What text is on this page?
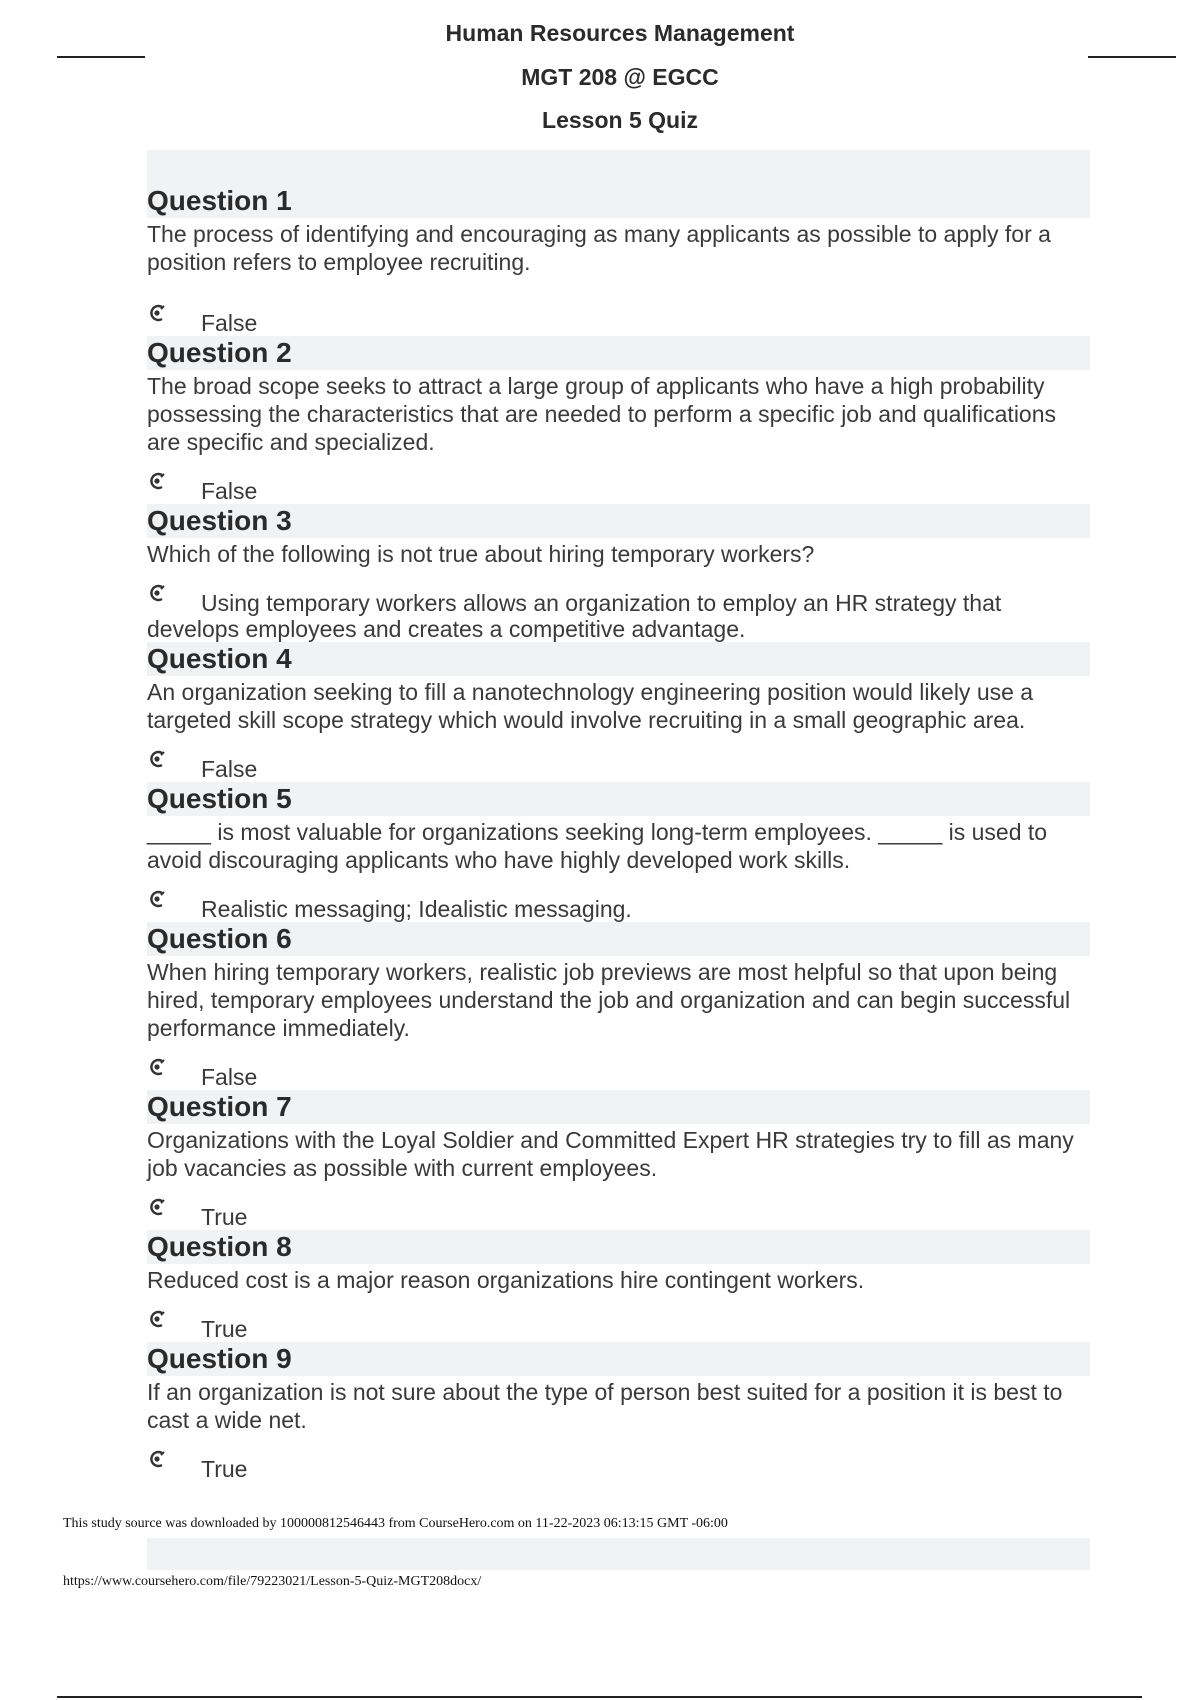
Human Resources Management
MGT 208 @ EGCC
Lesson 5 Quiz
Question 1

The process of identifying and encouraging as many applicants as possible to apply for a position refers to employee recruiting.

False
Question 2

The broad scope seeks to attract a large group of applicants who have a high probability possessing the characteristics that are needed to perform a specific job and qualifications are specific and specialized.

False
Question 3

Which of the following is not true about hiring temporary workers?

Using temporary workers allows an organization to employ an HR strategy that develops employees and creates a competitive advantage.
Question 4

An organization seeking to fill a nanotechnology engineering position would likely use a targeted skill scope strategy which would involve recruiting in a small geographic area.

False
Question 5

_____ is most valuable for organizations seeking long-term employees. _____ is used to avoid discouraging applicants who have highly developed work skills.

Realistic messaging; Idealistic messaging.
Question 6

When hiring temporary workers, realistic job previews are most helpful so that upon being hired, temporary employees understand the job and organization and can begin successful performance immediately.

False
Question 7

Organizations with the Loyal Soldier and Committed Expert HR strategies try to fill as many job vacancies as possible with current employees.

True
Question 8

Reduced cost is a major reason organizations hire contingent workers.

True
Question 9

If an organization is not sure about the type of person best suited for a position it is best to cast a wide net.

True
This study source was downloaded by 100000812546443 from CourseHero.com on 11-22-2023 06:13:15 GMT -06:00
https://www.coursehero.com/file/79223021/Lesson-5-Quiz-MGT208docx/
